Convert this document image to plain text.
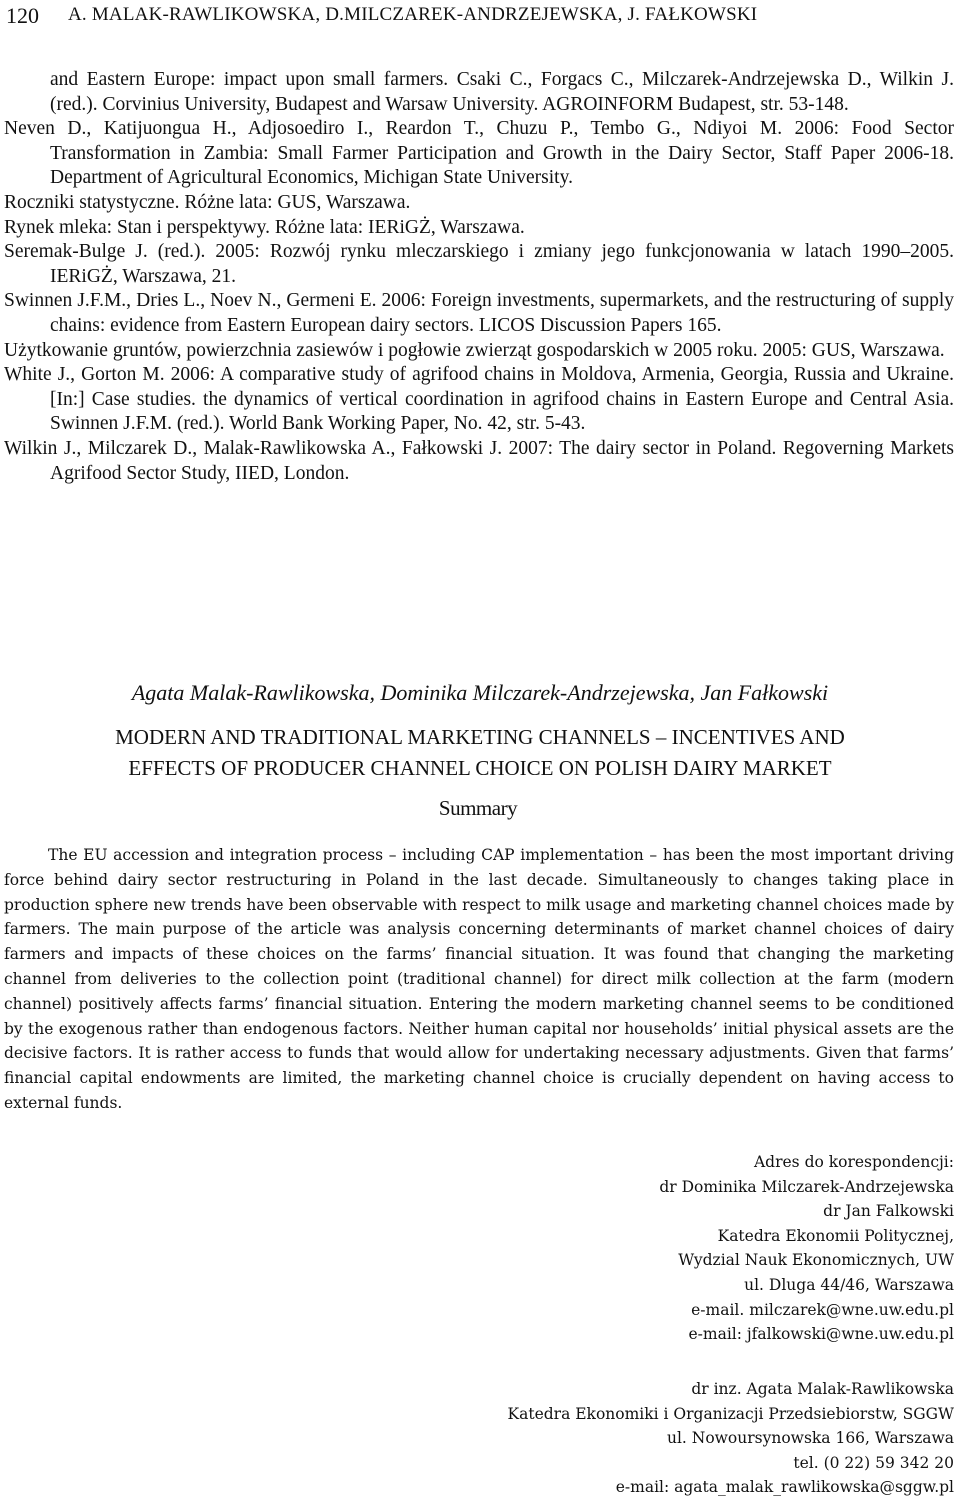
120 A. MALAK-RAWLIKOWSKA, D.MILCZAREK-ANDRZEJEWSKA, J. FAŁKOWSKI

and Eastern Europe: impact upon small farmers. Csaki C., Forgacs C., Milczarek-Andrzejewska D., Wilkin J. (red.). Corvinius University, Budapest and Warsaw University. AGROINFORM Budapest, str. 53-148.

Neven D., Katijuongua H., Adjosoediro I., Reardon T., Chuzu P., Tembo G., Ndiyoi M. 2006: Food Sector Transformation in Zambia: Small Farmer Participation and Growth in the Dairy Sector, Staff Paper 2006-18. Department of Agricultural Economics, Michigan State University.

Roczniki statystyczne. Różne lata: GUS, Warszawa.

Rynek mleka: Stan i perspektywy. Różne lata: IERiGŻ, Warszawa.

Seremak-Bulge J. (red.). 2005: Rozwój rynku mleczarskiego i zmiany jego funkcjonowania w latach 1990–2005. IERiGŻ, Warszawa, 21.

Swinnen J.F.M., Dries L., Noev N., Germeni E. 2006: Foreign investments, supermarkets, and the restructuring of supply chains: evidence from Eastern European dairy sectors. LICOS Discussion Papers 165.

Użytkowanie gruntów, powierzchnia zasiewów i pogłowie zwierząt gospodarskich w 2005 roku. 2005: GUS, Warszawa.

White J., Gorton M. 2006: A comparative study of agrifood chains in Moldova, Armenia, Georgia, Russia and Ukraine. [In:] Case studies. the dynamics of vertical coordination in agrifood chains in Eastern Europe and Central Asia. Swinnen J.F.M. (red.). World Bank Working Paper, No. 42, str. 5-43.

Wilkin J., Milczarek D., Malak-Rawlikowska A., Fałkowski J. 2007: The dairy sector in Poland. Regoverning Markets Agrifood Sector Study, IIED, London.

Agata Malak-Rawlikowska, Dominika Milczarek-Andrzejewska, Jan Fałkowski
MODERN AND TRADITIONAL MARKETING CHANNELS – INCENTIVES AND
EFFECTS OF PRODUCER CHANNEL CHOICE ON POLISH DAIRY MARKET
Summary

The EU accession and integration process – including CAP implementation – has been the most important driving force behind dairy sector restructuring in Poland in the last decade. Simultaneously to changes taking place in production sphere new trends have been observable with respect to milk usage and marketing channel choices made by farmers. The main purpose of the article was analysis concerning determinants of market channel choices of dairy farmers and impacts of these choices on the farms’ financial situation. It was found that changing the marketing channel from deliveries to the collection point (traditional channel) for direct milk collection at the farm (modern channel) positively affects farms’ financial situation. Entering the modern marketing channel seems to be conditioned by the exogenous rather than endogenous factors. Neither human capital nor households’ initial physical assets are the decisive factors. It is rather access to funds that would allow for undertaking necessary adjustments. Given that farms’ financial capital endowments are limited, the marketing channel choice is crucially dependent on having access to external funds.

Adres do korespondencji:
dr Dominika Milczarek-Andrzejewska
dr Jan Falkowski
Katedra Ekonomii Politycznej,
Wydzial Nauk Ekonomicznych, UW
ul. Dluga 44/46, Warszawa
e-mail. milczarek@wne.uw.edu.pl
e-mail: jfalkowski@wne.uw.edu.pl
dr inz. Agata Malak-Rawlikowska
Katedra Ekonomiki i Organizacji Przedsiebiorstw, SGGW
ul. Nowoursynowska 166, Warszawa
tel. (0 22) 59 342 20
e-mail: agata_malak_rawlikowska@sggw.pl
